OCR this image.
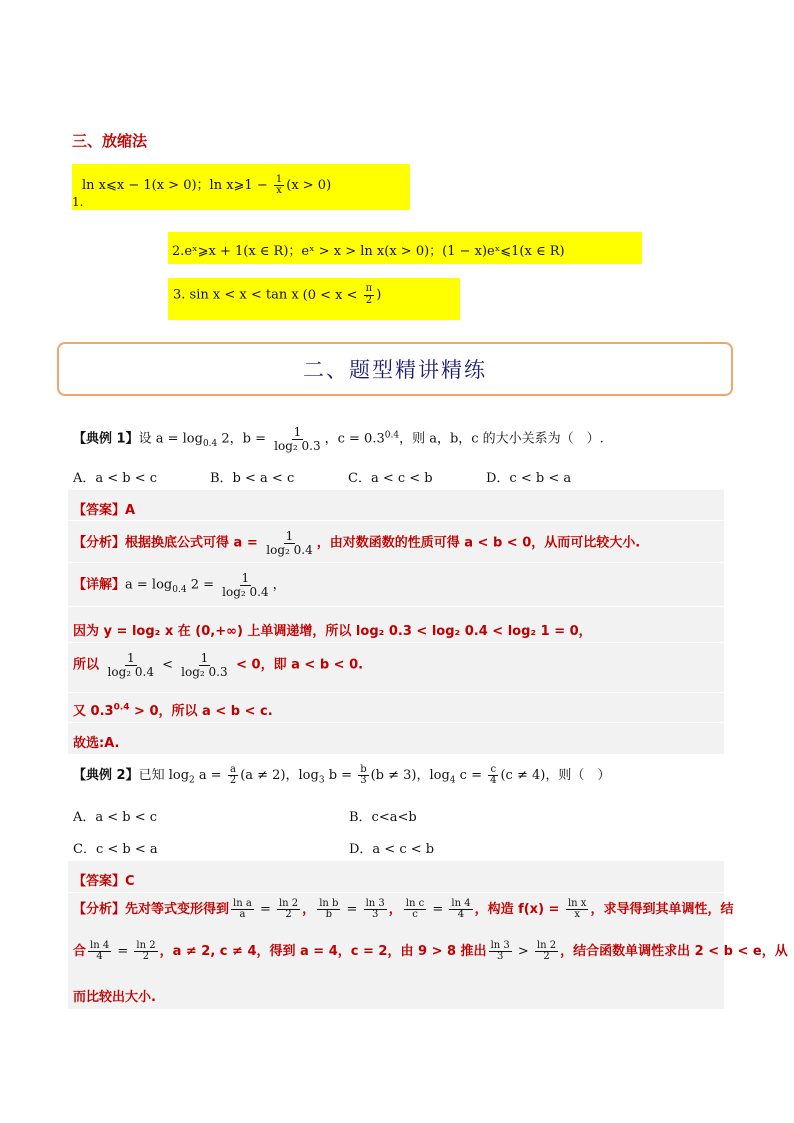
三、放缩法
ln x⩽x − 1(x > 0)；ln x⩾1 − $\frac{1}{x} (x > 0)$
1.
2.eˣ⩾x + 1(x ∈ R)；eˣ > x > ln x(x > 0)；(1 − x)eˣ⩽1(x ∈ R)
3. sin x < x < tan x ($0 < x < \frac{\pi}{2}$ )
二、题型精讲精练
【典例 1】设 $a = \log_{0.4} 2$，$b = \frac{1}{\text{log₂ 0.3}}$ ，$c = 0.3^{0.4}$，则 a，b，c 的大小关系为（　）.
A．a < b < c	B．b < a < c	C．a < c < b	D．c < b < a
【答案】A
【分析】根据换底公式可得 $a = \frac{1}{\text{log₂ 0.4}}$ ，由对数函数的性质可得 a < b < 0，从而可比较大小.
【详解】$a = \log_{0.4} 2 = \frac{1}{\text{log₂ 0.4}}$ ，
因为 y = log₂ x 在 (0,+∞) 上单调递增，所以 log₂ 0.3 < log₂ 0.4 < log₂ 1 = 0，
所以 $\frac{1}{\text{log₂ 0.4}} < \frac{1}{\text{log₂ 0.3}} < 0$，即 a < b < 0.
又 $0.3^{0.4} > 0$，所以 a < b < c.
故选:A.
【典例 2】已知 $\log_2 a = \frac{a}{2} (a \ne 2)$，$\log_3 b = \frac{b}{3} (b \ne 3)$，$\log_4 c = \frac{c}{4} (c \ne 4)$，则（　）
A．a < b < c	B．c<a<b
C．c < b < a	D．a < c < b
【答案】C
【分析】先对等式变形得到 $\frac{\text{ln a}}{a} = \frac{\ln 2}{2}$ ， $\frac{\text{ln b}}{b} = \frac{\ln 3}{3}$ ， $\frac{\text{ln c}}{c} = \frac{\ln 4}{4}$ ，构造 $f(x) = \frac{\text{ln x}}{x}$ ，求导得到其单调性，结
合 $\frac{\ln 4}{4} = \frac{\ln 2}{2}$ ，a ≠ 2, c ≠ 4，得到 a = 4，c = 2，由 9 > 8 推出 $\frac{\ln 3}{3} > \frac{\ln 2}{2}$ ，结合函数单调性求出 2 < b < e，从
而比较出大小.
